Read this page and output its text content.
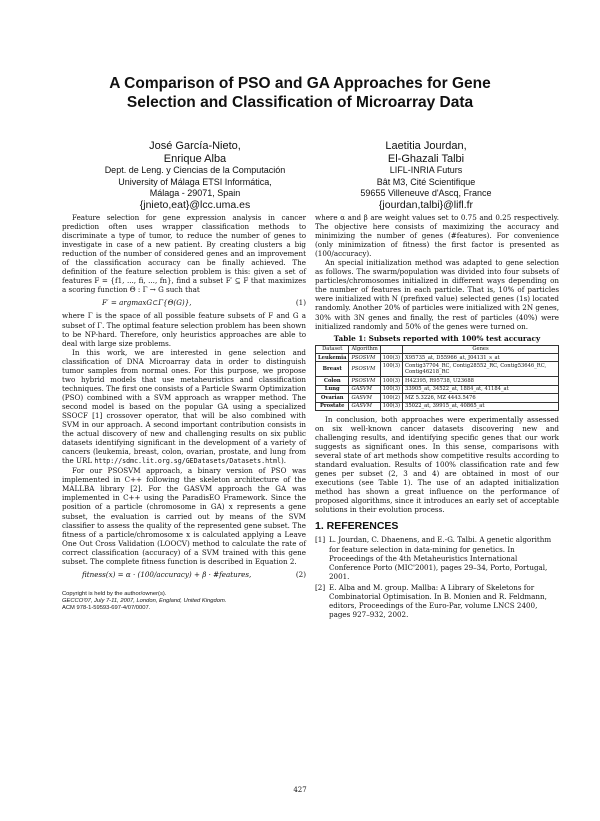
A Comparison of PSO and GA Approaches for Gene
Selection and Classification of Microarray Data
José García-Nieto,
Enrique Alba
Dept. de Leng. y Ciencias de la Computación
University of Málaga ETSI Informática,
Málaga - 29071, Spain
{jnieto,eat}@lcc.uma.es
Laetitia Jourdan,
El-Ghazali Talbi
LIFL-INRIA Futurs
Bât M3, Cité Scientifique
59655 Villeneuve d'Ascq, France
{jourdan,talbi}@lifl.fr

Feature selection for gene expression analysis in cancer prediction often uses wrapper classification methods to discriminate a type of tumor, to reduce the number of genes to investigate in case of a new patient. By creating clusters a big reduction of the number of considered genes and an improvement of the classification accuracy can be finally achieved. The definition of the feature selection problem is this: given a set of features F = {f1, ..., fi, ..., fn}, find a subset F′ ⊆ F that maximizes a scoring function Θ : Γ → G such that

F′ = argmaxG⊂Γ{Θ(G)},	(1)

where Γ is the space of all possible feature subsets of F and G a subset of Γ. The optimal feature selection problem has been shown to be NP-hard. Therefore, only heuristics approaches are able to deal with large size problems.

In this work, we are interested in gene selection and classification of DNA Microarray data in order to distinguish tumor samples from normal ones. For this purpose, we propose two hybrid models that use metaheuristics and classification techniques. The first one consists of a Particle Swarm Optimization (PSO) combined with a SVM approach as wrapper method. The second model is based on the popular GA using a specialized SSOCF [1] crossover operator, that will be also combined with SVM in our approach. A second important contribution consists in the actual discovery of new and challenging results on six public datasets identifying significant in the development of a variety of cancers (leukemia, breast, colon, ovarian, prostate, and lung from the URL http://sdmc.lit.org.sg/GEDatasets/Datasets.html).

For our PSOSVM approach, a binary version of PSO was implemented in C++ following the skeleton architecture of the MALLBA library [2]. For the GASVM approach the GA was implemented in C++ using the ParadisEO Framework. Since the position of a particle (chromosome in GA) x represents a gene subset, the evaluation is carried out by means of the SVM classifier to assess the quality of the represented gene subset. The fitness of a particle/chromosome x is calculated applying a Leave One Out Cross Validation (LOOCV) method to calculate the rate of correct classification (accuracy) of a SVM trained with this gene subset. The complete fitness function is described in Equation 2.

fitness(x) = α · (100/accuracy) + β · #features,	(2)
Copyright is held by the author/owner(s).
GECCO'07, July 7-11, 2007, London, England, United Kingdom.
ACM 978-1-59593-697-4/07/0007.

where α and β are weight values set to 0.75 and 0.25 respectively. The objective here consists of maximizing the accuracy and minimizing the number of genes (#features). For convenience (only minimization of fitness) the first factor is presented as (100/accuracy).

An special initialization method was adapted to gene selection as follows. The swarm/population was divided into four subsets of particles/chromosomes initialized in different ways depending on the number of features in each particle. That is, 10% of particles were initialized with N (prefixed value) selected genes (1s) located randomly. Another 20% of particles were initialized with 2N genes, 30% with 3N genes and finally, the rest of particles (40%) were initialized randomly and 50% of the genes were turned on.

Table 1: Subsets reported with 100% test accuracy
Dataset	Algorithm		Genes
Leukemia	PSOSVM	100(3)	X95735_at, D55966_at, J04131_s_at
Breast	PSOSVM	100(3)	Contig37704_RC, Contig28552_RC, Contig53646_RC, Contig46218_RC
Colon	PSOSVM	100(3)	H42395, R95738, U23688
Lung	GASVM	100(3)	33905_at, 34522_at, 1884_at, 41184_at
Ovarian	GASVM	100(2)	MZ 5.3226, MZ 4443.5476
Prostate	GASVM	100(3)	35022_at, 39915_at, 40865_at

In conclusion, both approaches were experimentally assessed on six well-known cancer datasets discovering new and challenging results, and identifying specific genes that our work suggests as significant ones. In this sense, comparisons with several state of art methods show competitive results according to standard evaluation. Results of 100% classification rate and few genes per subset (2, 3 and 4) are obtained in most of our executions (see Table 1). The use of an adapted initialization method has shown a great influence on the performance of proposed algorithms, since it introduces an early set of acceptable solutions in their evolution process.

1. REFERENCES
[1] L. Jourdan, C. Dhaenens, and E.-G. Talbi. A genetic algorithm for feature selection in data-mining for genetics. In Proceedings of the 4th Metaheuristics International Conference Porto (MIC'2001), pages 29–34, Porto, Portugal, 2001.
[2] E. Alba and M. group. Mallba: A Library of Skeletons for Combinatorial Optimisation. In B. Monien and R. Feldmann, editors, Proceedings of the Euro-Par, volume LNCS 2400, pages 927–932, 2002.
427
